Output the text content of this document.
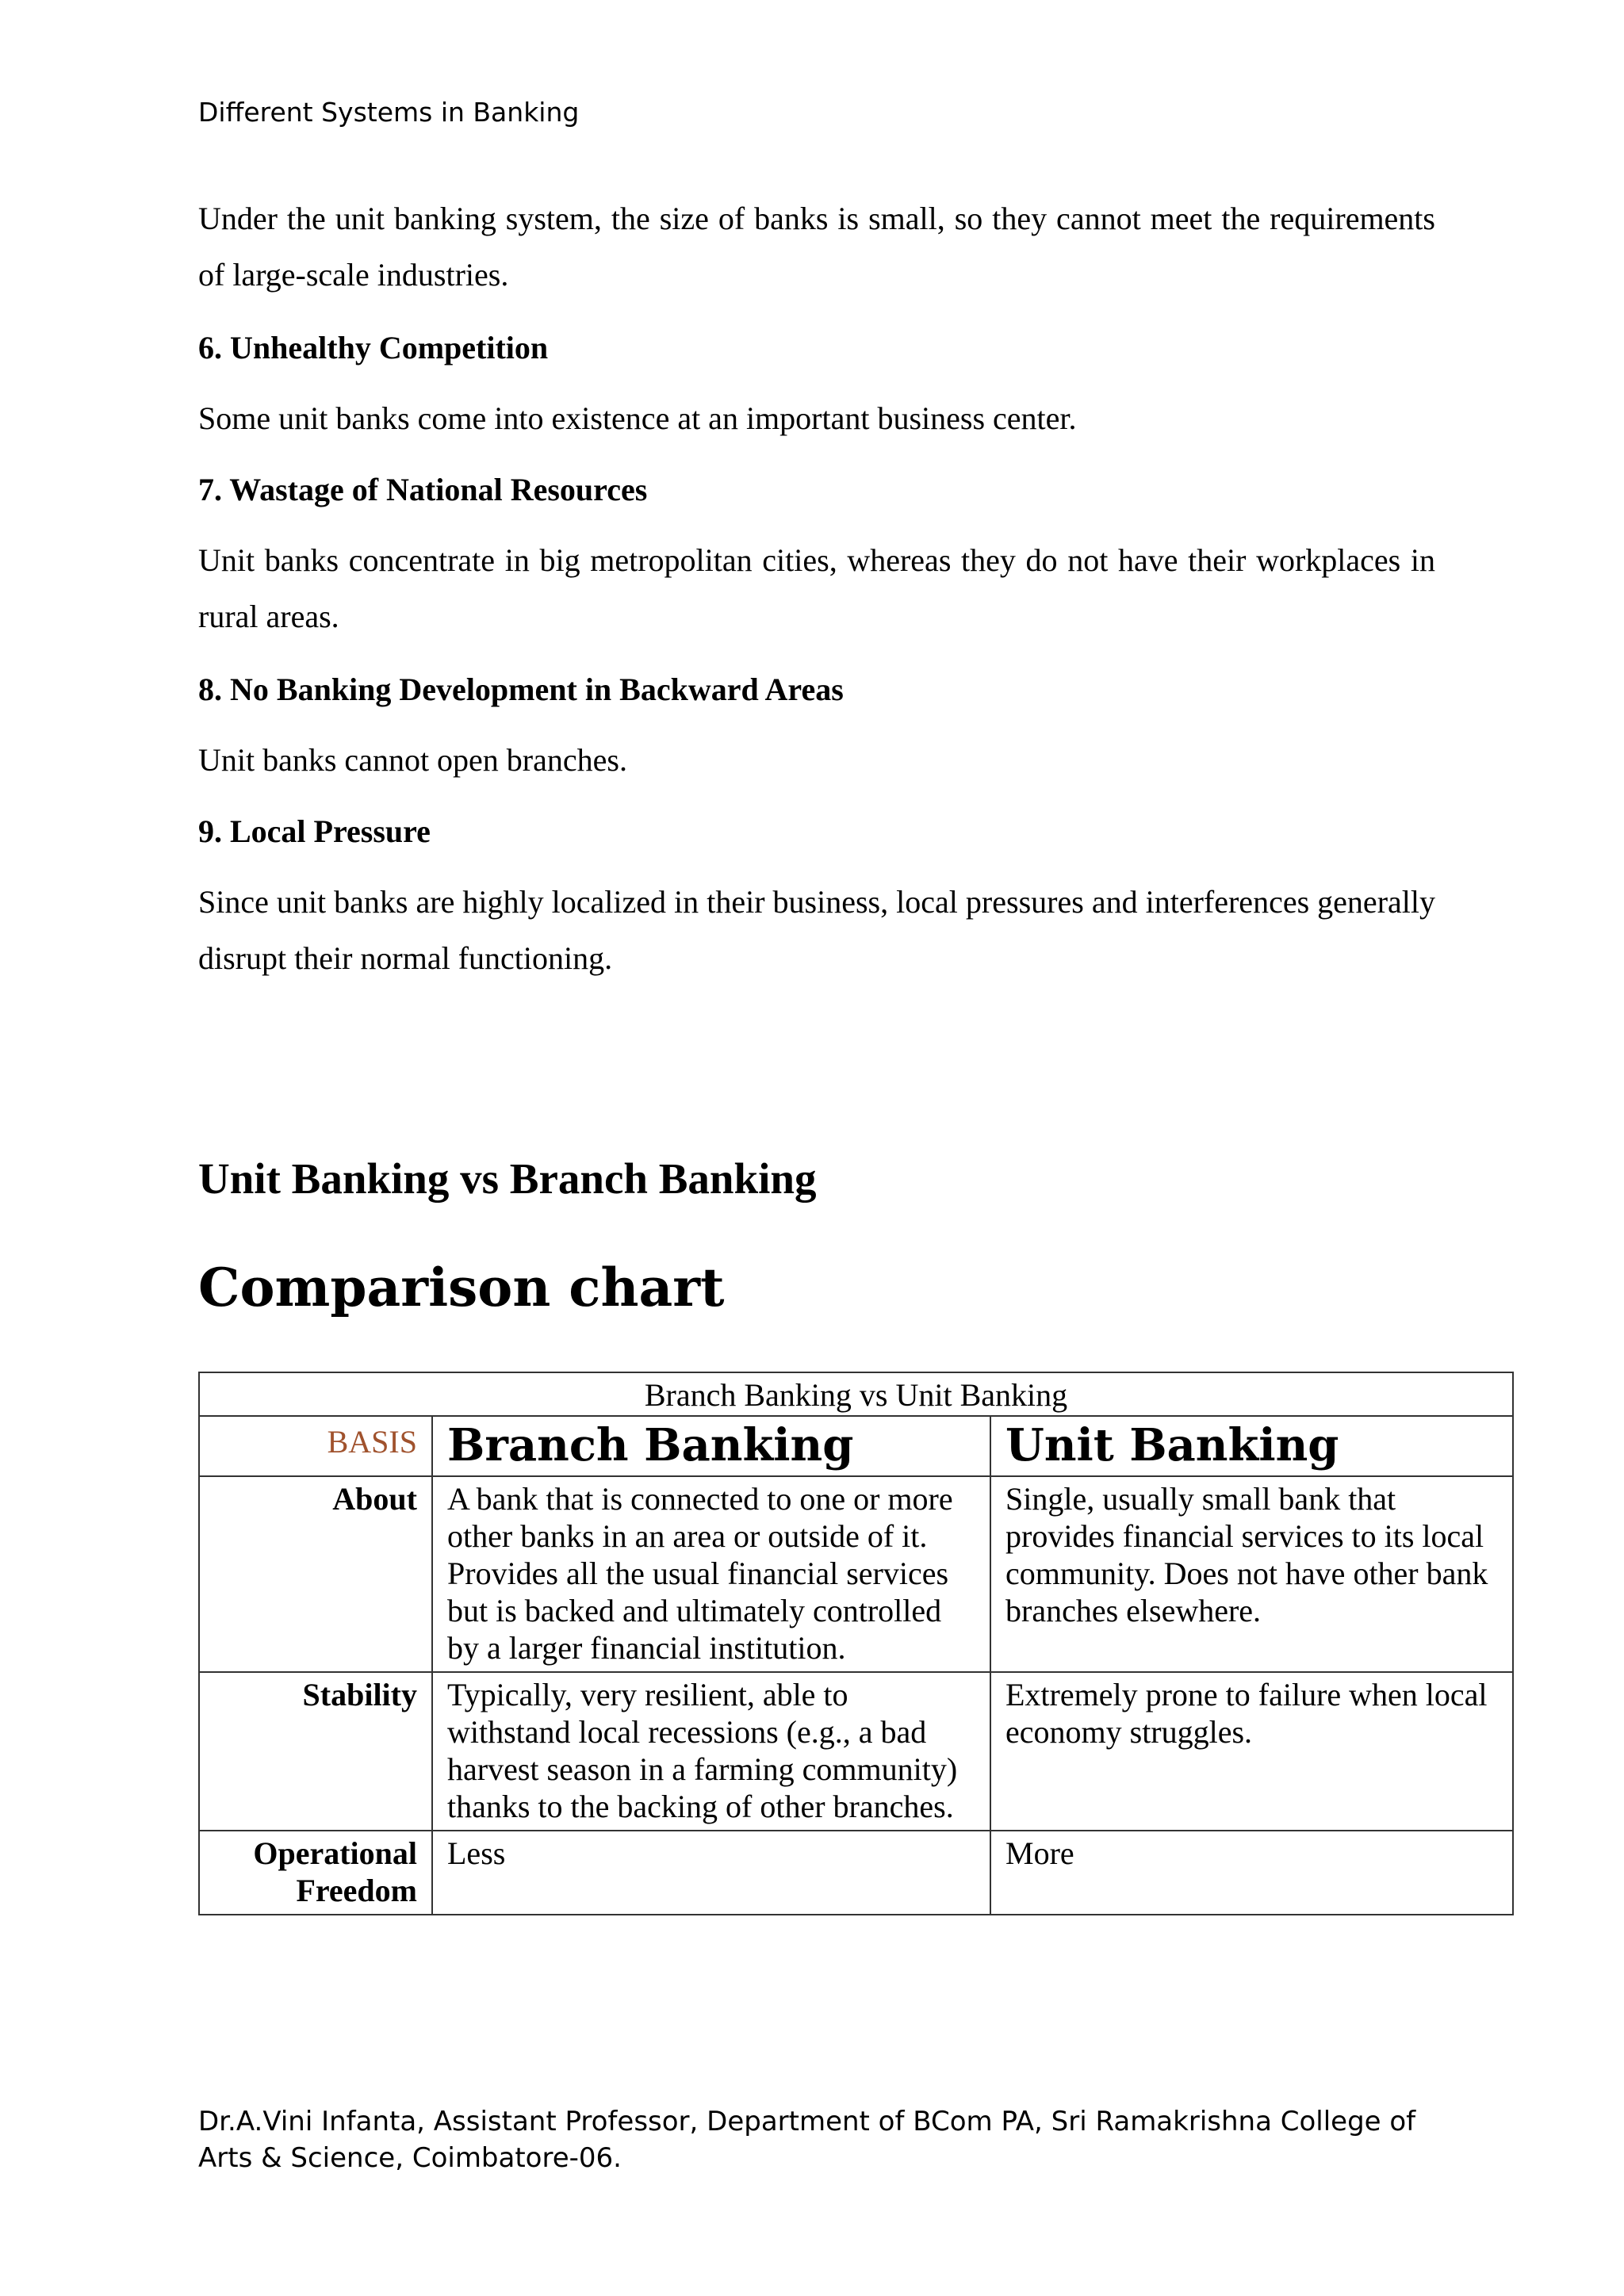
Different Systems in Banking

Under the unit banking system, the size of banks is small, so they cannot meet the requirements of large-scale industries.

6. Unhealthy Competition

Some unit banks come into existence at an important business center.

7. Wastage of National Resources

Unit banks concentrate in big metropolitan cities, whereas they do not have their workplaces in rural areas.

8. No Banking Development in Backward Areas

Unit banks cannot open branches.

9. Local Pressure

Since unit banks are highly localized in their business, local pressures and interferences generally disrupt their normal functioning.

Unit Banking vs Branch Banking
Comparison chart
Branch Banking vs Unit Banking		
BASIS	Branch Banking	Unit Banking
About	A bank that is connected to one or more other banks in an area or outside of it. Provides all the usual financial services but is backed and ultimately controlled by a larger financial institution.	Single, usually small bank that provides financial services to its local community. Does not have other bank branches elsewhere.
Stability	Typically, very resilient, able to withstand local recessions (e.g., a bad harvest season in a farming community) thanks to the backing of other branches.	Extremely prone to failure when local economy struggles.
Operational Freedom	Less	More

Dr.A.Vini Infanta, Assistant Professor, Department of BCom PA, Sri Ramakrishna College of Arts & Science, Coimbatore-06.
